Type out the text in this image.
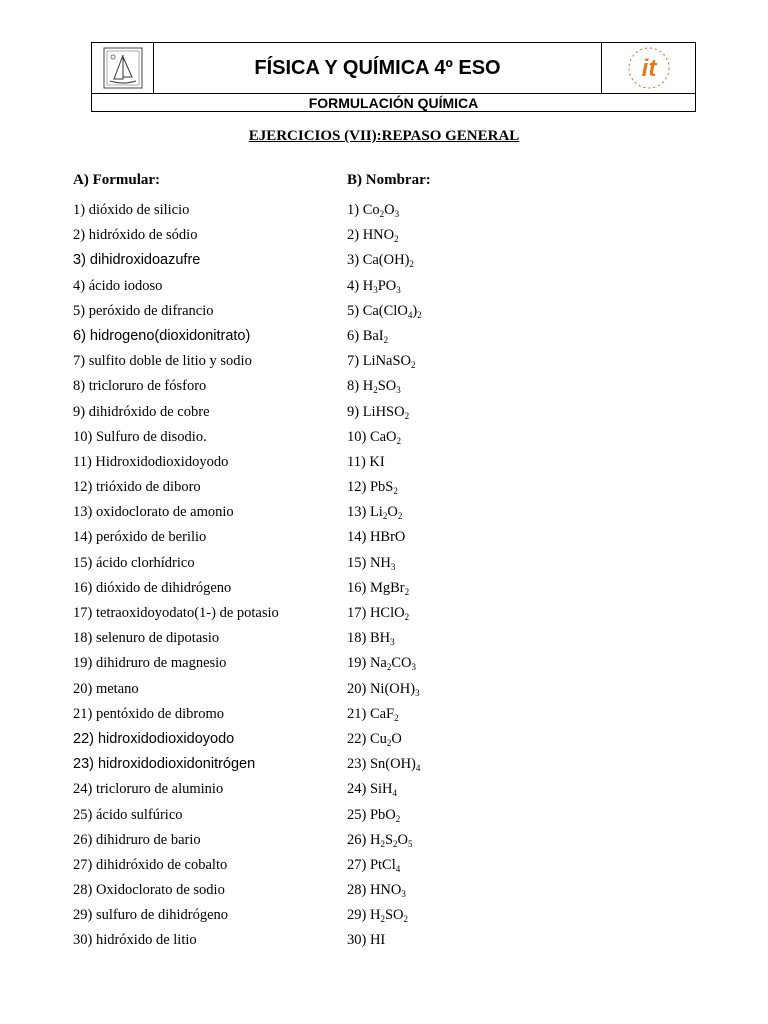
FÍSICA Y QUÍMICA 4º ESO	it
FORMULACIÓN QUÍMICA
EJERCICIOS (VII):REPASO GENERAL
A) Formular:	B) Nombrar:
1) dióxido de silicio
2) hidróxido de sódio
3) dihidroxidoazufre
4) ácido iodoso
5) peróxido de difrancio
6) hidrogeno(dioxidonitrato)
7) sulfito doble de litio y sodio
8) tricloruro de fósforo
9) dihidróxido de cobre
10) Sulfuro de disodio.
11) Hidroxidodioxidoyodo
12) trióxido de diboro
13) oxidoclorato de amonio
14) peróxido de berilio
15) ácido clorhídrico
16) dióxido de dihidrógeno
17) tetraoxidoyodato(1-) de potasio
18) selenuro de dipotasio
19) dihidruro de magnesio
20) metano
21) pentóxido de dibromo
22) hidroxidodioxidoyodo
23) hidroxidodioxidonitrógen
24) tricloruro de aluminio
25) ácido sulfúrico
26) dihidruro de bario
27) dihidróxido de cobalto
28) Oxidoclorato de sodio
29) sulfuro de dihidrógeno
30) hidróxido de litio
1) $Co_2O_3$
2) $HNO_2$
3) $Ca(OH)_2$
4) $H_3PO_3$
5) $Ca(ClO_4)_2$
6) BaI$_2$
7) LiNaSO$_2$
8) $H_2SO_3$
9) LiHSO$_2$
10) CaO$_2$
11) KI
12) PbS$_2$
13) $Li_2O_2$
14) HBrO
15) $NH_3$
16) MgBr$_2$
17) HClO$_2$
18) $BH_3$
19) $Na_2CO_3$
20) $Ni(OH)_3$
21) CaF$_2$
22) $Cu_2O$
23) $Sn(OH)_4$
24) SiH$_4$
25) PbO$_2$
26) $H_2S_2O_5$
27) PtCl$_4$
28) $HNO_3$
29) $H_2SO_2$
30) HI
